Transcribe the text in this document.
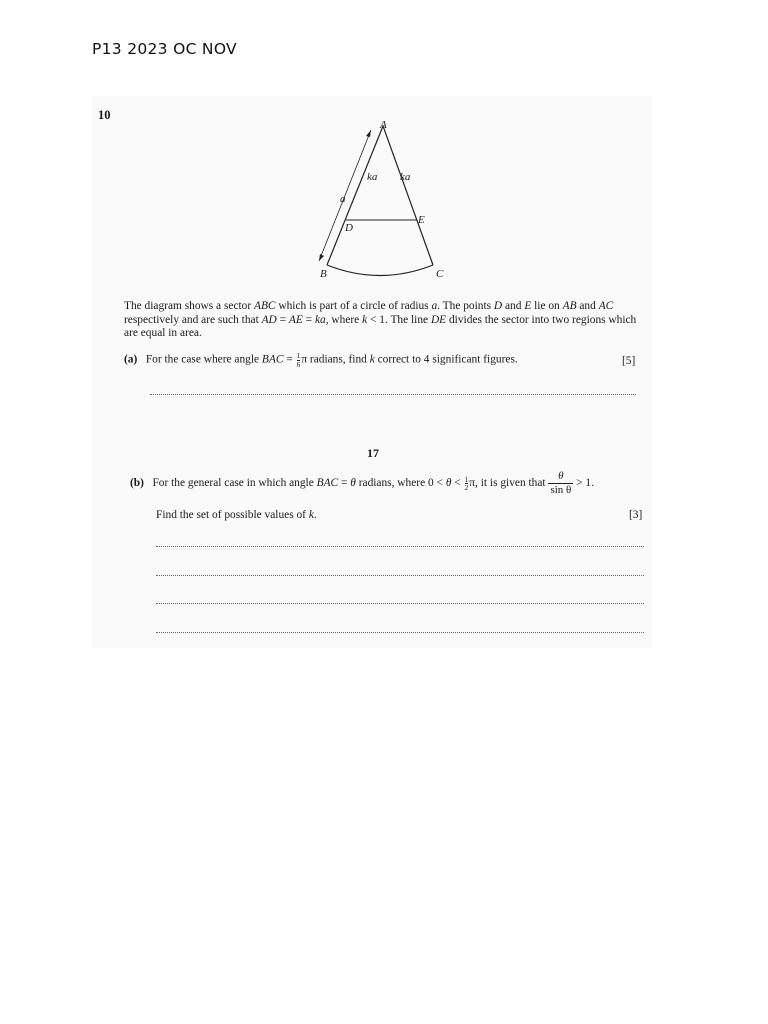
P13 2023 OC NOV
10
A
B	C
D
E
a
ka ka
The diagram shows a sector ABC which is part of a circle of radius a. The points D and E lie on AB and AC respectively and are such that AD = AE = ka, where k < 1. The line DE divides the sector into two regions which are equal in area.
(a) For the case where angle BAC = $\frac{1}{6}$ π radians, find k correct to 4 significant figures.	[5]
17
(b) For the general case in which angle BAC = θ radians, where $0 < \theta < \frac{1}{2} \pi$, it is given that $\frac{\theta}{\text{sin θ}} > 1$.
Find the set of possible values of k.	[3]
